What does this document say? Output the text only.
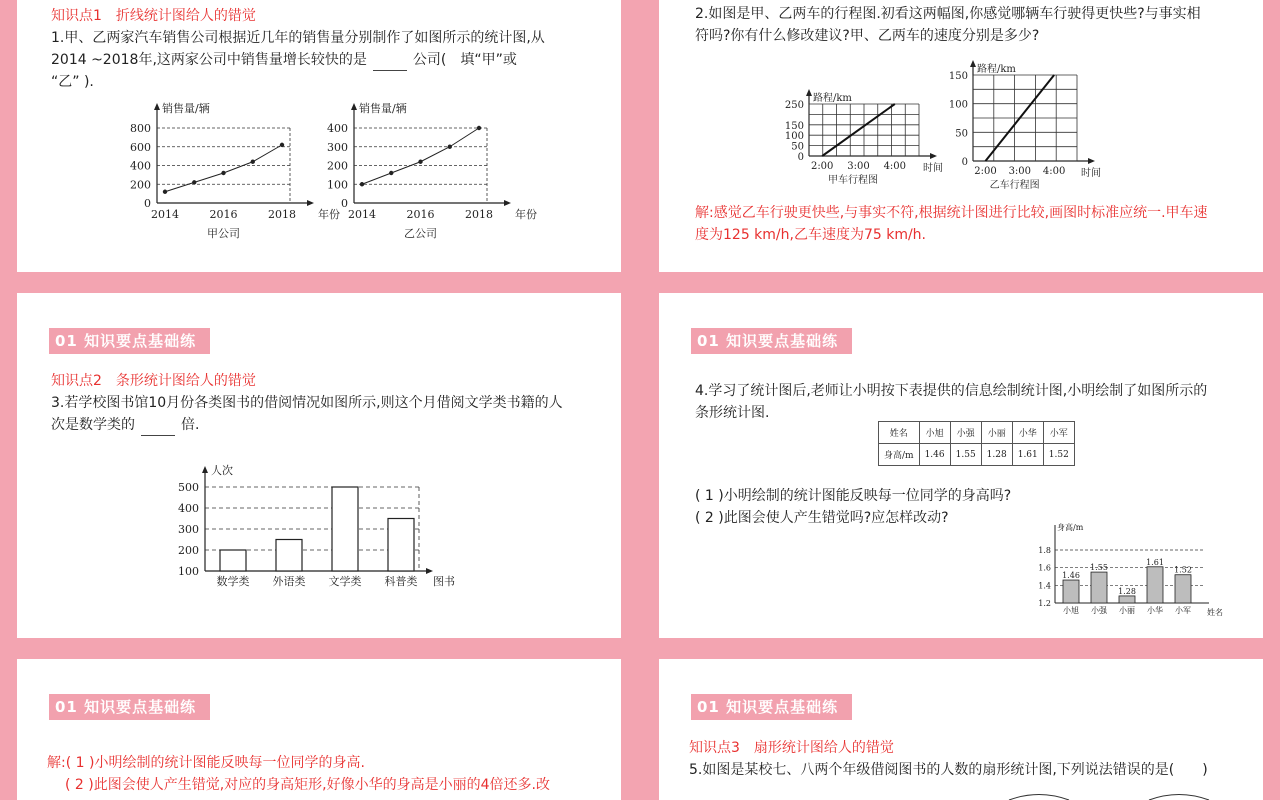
知识点1　折线统计图给人的错觉
1.甲、乙两家汽车销售公司根据近几年的销售量分别制作了如图所示的统计图,从
2014 ~2018年,这两家公司中销售量增长较快的是	公司(　填“甲”或
“乙” ).
800
600
400
200
0
2014	2016	2018
销售量/辆
年份
甲公司
400
300
200
100
0
2014	2016	2018
销售量/辆
年份
乙公司
2.如图是甲、乙两车的行程图.初看这两幅图,你感觉哪辆车行驶得更快些?与事实相
符吗?你有什么修改建议?甲、乙两车的速度分别是多少?
250
150
100
50
0
2:00 3:00 4:00
路程/km
时间
甲车行程图
150
100
50
0
2:00 3:00 4:00
路程/km
时间
乙车行程图
解:感觉乙车行驶更快些,与事实不符,根据统计图进行比较,画图时标准应统一.甲车速
度为125 km/h,乙车速度为75 km/h.
01 知识要点基础练
知识点2　条形统计图给人的错觉
3.若学校图书馆10月份各类图书的借阅情况如图所示,则这个月借阅文学类书籍的人
次是数学类的	倍.
500
400
300
200
100
数学类 外语类 文学类 科普类
人次
图书
01 知识要点基础练
4.学习了统计图后,老师让小明按下表提供的信息绘制统计图,小明绘制了如图所示的
条形统计图.
姓名	小旭	小强	小丽	小华	小军
身高/m	1.46	1.55	1.28	1.61	1.52
( 1 )小明绘制的统计图能反映每一位同学的身高吗?
( 2 )此图会使人产生错觉吗?应怎样改动?
1.8
1.6
1.4
1.2
1.46
小旭
1.55
小强
1.28
小丽
1.61
小华
1.52
小军
身高/m
姓名
01 知识要点基础练
解:( 1 )小明绘制的统计图能反映每一位同学的身高.
( 2 )此图会使人产生错觉,对应的身高矩形,好像小华的身高是小丽的4倍还多.改
01 知识要点基础练
知识点3　扇形统计图给人的错觉
5.如图是某校七、八两个年级借阅图书的人数的扇形统计图,下列说法错误的是(　　)
